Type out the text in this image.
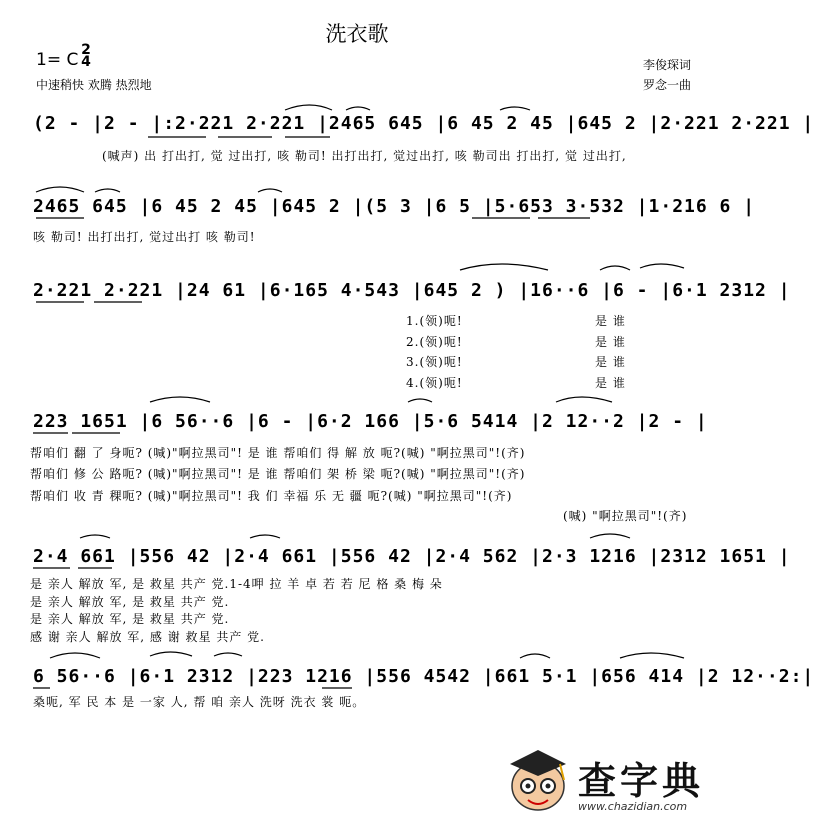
洗衣歌
1= C 2
4
中速稍快 欢腾 热烈地
李俊琛词
罗念一曲
(2 - |2 - |:2·221 2·221 |2465 645 |6 45 2 45 |645 2 |2·221 2·221 |
(喊声) 出 打出打, 觉 过出打, 咳 勒司! 出打出打, 觉过出打, 咳 勒司出 打出打, 觉 过出打,
2465 645 |6 45 2 45 |645 2 |(5 3 |6 5 |5·653 3·532 |1·216 6 |
咳 勒司! 出打出打, 觉过出打 咳 勒司!
2·221 2·221 |24 61 |6·165 4·543 |645 2 ) |16··6 |6 - |6·1 2312 |
1.(领)呃!	是 谁
2.(领)呃!	是 谁
3.(领)呃!	是 谁
4.(领)呃!	是 谁
223 1651 |6 56··6 |6 - |6·2 166 |5·6 5414 |2 12··2 |2 - |
帮咱们 翻 了 身呃? (喊)"啊拉黑司"! 是 谁 帮咱们 得 解 放 呃?(喊) "啊拉黑司"!(齐)
帮咱们 修 公 路呃? (喊)"啊拉黑司"! 是 谁 帮咱们 架 桥 梁 呃?(喊) "啊拉黑司"!(齐)
帮咱们 收 青 稞呃? (喊)"啊拉黑司"! 我 们 幸福 乐 无 疆 呃?(喊) "啊拉黑司"!(齐)
(喊) "啊拉黑司"!(齐)
2·4 661 |556 42 |2·4 661 |556 42 |2·4 562 |2·3 1216 |2312 1651 |
是 亲人 解放 军, 是 救星 共产 党.1-4呷 拉 羊 卓 若 若 尼 格 桑 梅 朵
是 亲人 解放 军, 是 救星 共产 党.
是 亲人 解放 军, 是 救星 共产 党.
感 谢 亲人 解放 军, 感 谢 救星 共产 党.
6 56··6 |6·1 2312 |223 1216 |556 4542 |661 5·1 |656 414 |2 12··2:|
桑呃, 军 民 本 是 一家 人, 帮 咱 亲人 洗呀 洗衣 裳 呃。
查字典
www.chazidian.com
